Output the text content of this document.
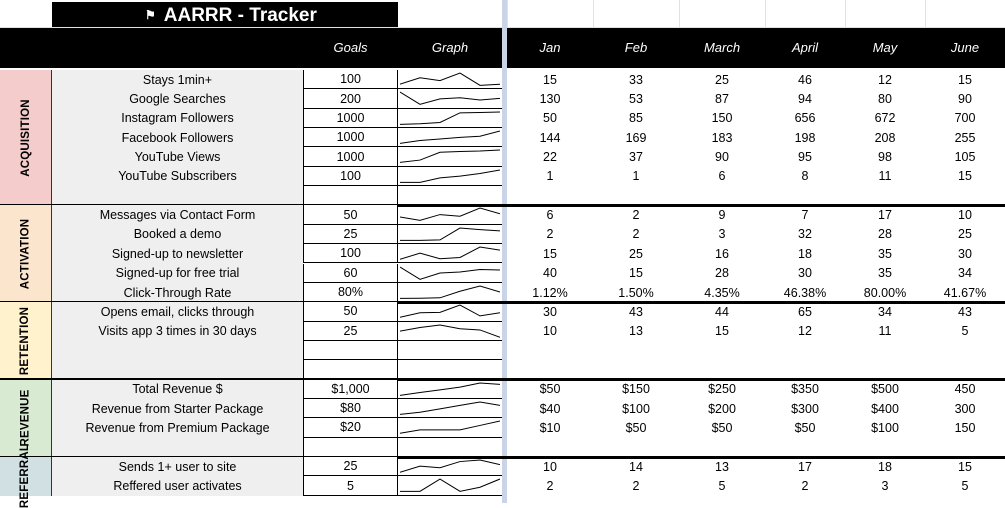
⚑ AARRR - Tracker
Goals	Graph	Jan	Feb	March	April	May	June
ACQUISITION
Stays 1min+	100	15	33	25	46	12	15
Google Searches	200	130	53	87	94	80	90
Instagram Followers	1000	50	85	150	656	672	700
Facebook Followers	1000	144	169	183	198	208	255
YouTube Views	1000	22	37	90	95	98	105
YouTube Subscribers	100	1	1	6	8	11	15
ACTIVATION
Messages via Contact Form	50	6	2	9	7	17	10
Booked a demo	25	2	2	3	32	28	25
Signed-up to newsletter	100	15	25	16	18	35	30
Signed-up for free trial	60	40	15	28	30	35	34
Click-Through Rate	80%	1.12%	1.50%	4.35%	46.38%	80.00%	41.67%
RETENTION	Opens email, clicks through	50	30	43	44	65	34	43
Visits app 3 times in 30 days	25	10	13	15	12	11	5
REVENUE
Total Revenue $	$1,000	$50	$150	$250	$350	$500	450
Revenue from Starter Package	$80	$40	$100	$200	$300	$400	300
Revenue from Premium Package	$20	$10	$50	$50	$50	$100	150
REFERRAL	Sends 1+ user to site	25	10	14	13	17	18	15
Reffered user activates	5	2	2	5	2	3	5
